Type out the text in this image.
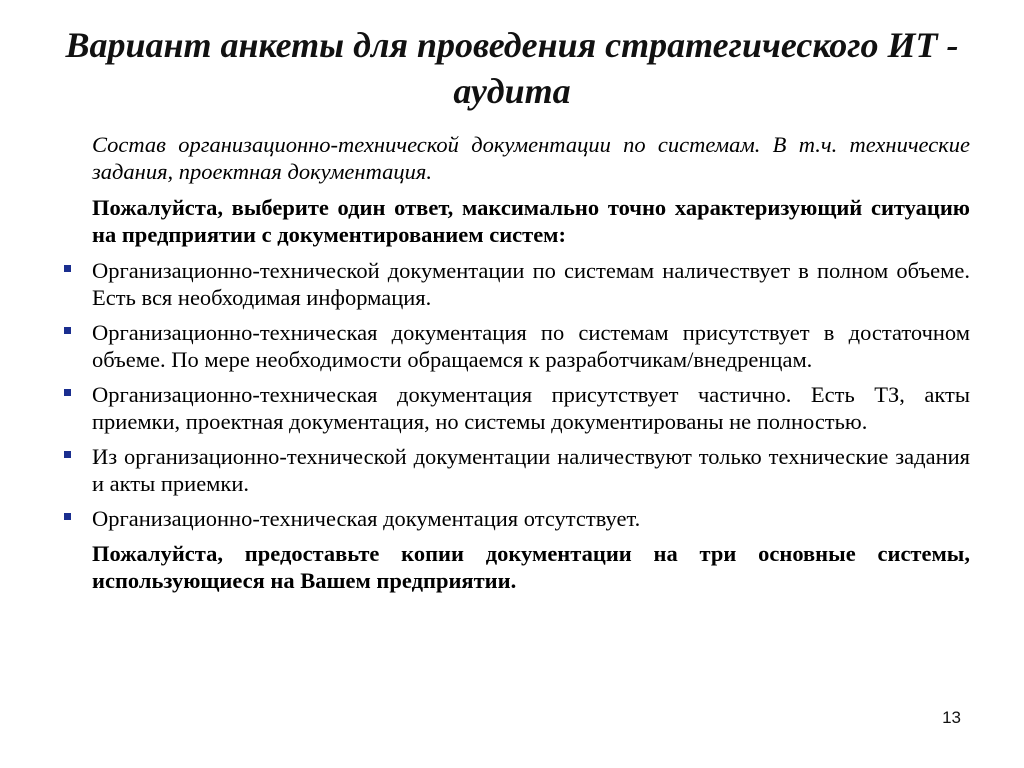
Вариант анкеты для проведения стратегического ИТ - аудита

Состав организационно-технической документации по системам. В т.ч. технические задания, проектная документация.

Пожалуйста, выберите один ответ, максимально точно характеризующий ситуацию на предприятии с документированием систем:

Организационно-технической документации по системам наличествует в полном объеме. Есть вся необходимая информация.
Организационно-техническая документация по системам присутствует в достаточном объеме. По мере необходимости обращаемся к разработчикам/внедренцам.
Организационно-техническая документация присутствует частично. Есть ТЗ, акты приемки, проектная документация, но системы документированы не полностью.
Из организационно-технической документации наличествуют только технические задания и акты приемки.
Организационно-техническая документация отсутствует.

Пожалуйста, предоставьте копии документации на три основные системы, использующиеся на Вашем предприятии.

13
